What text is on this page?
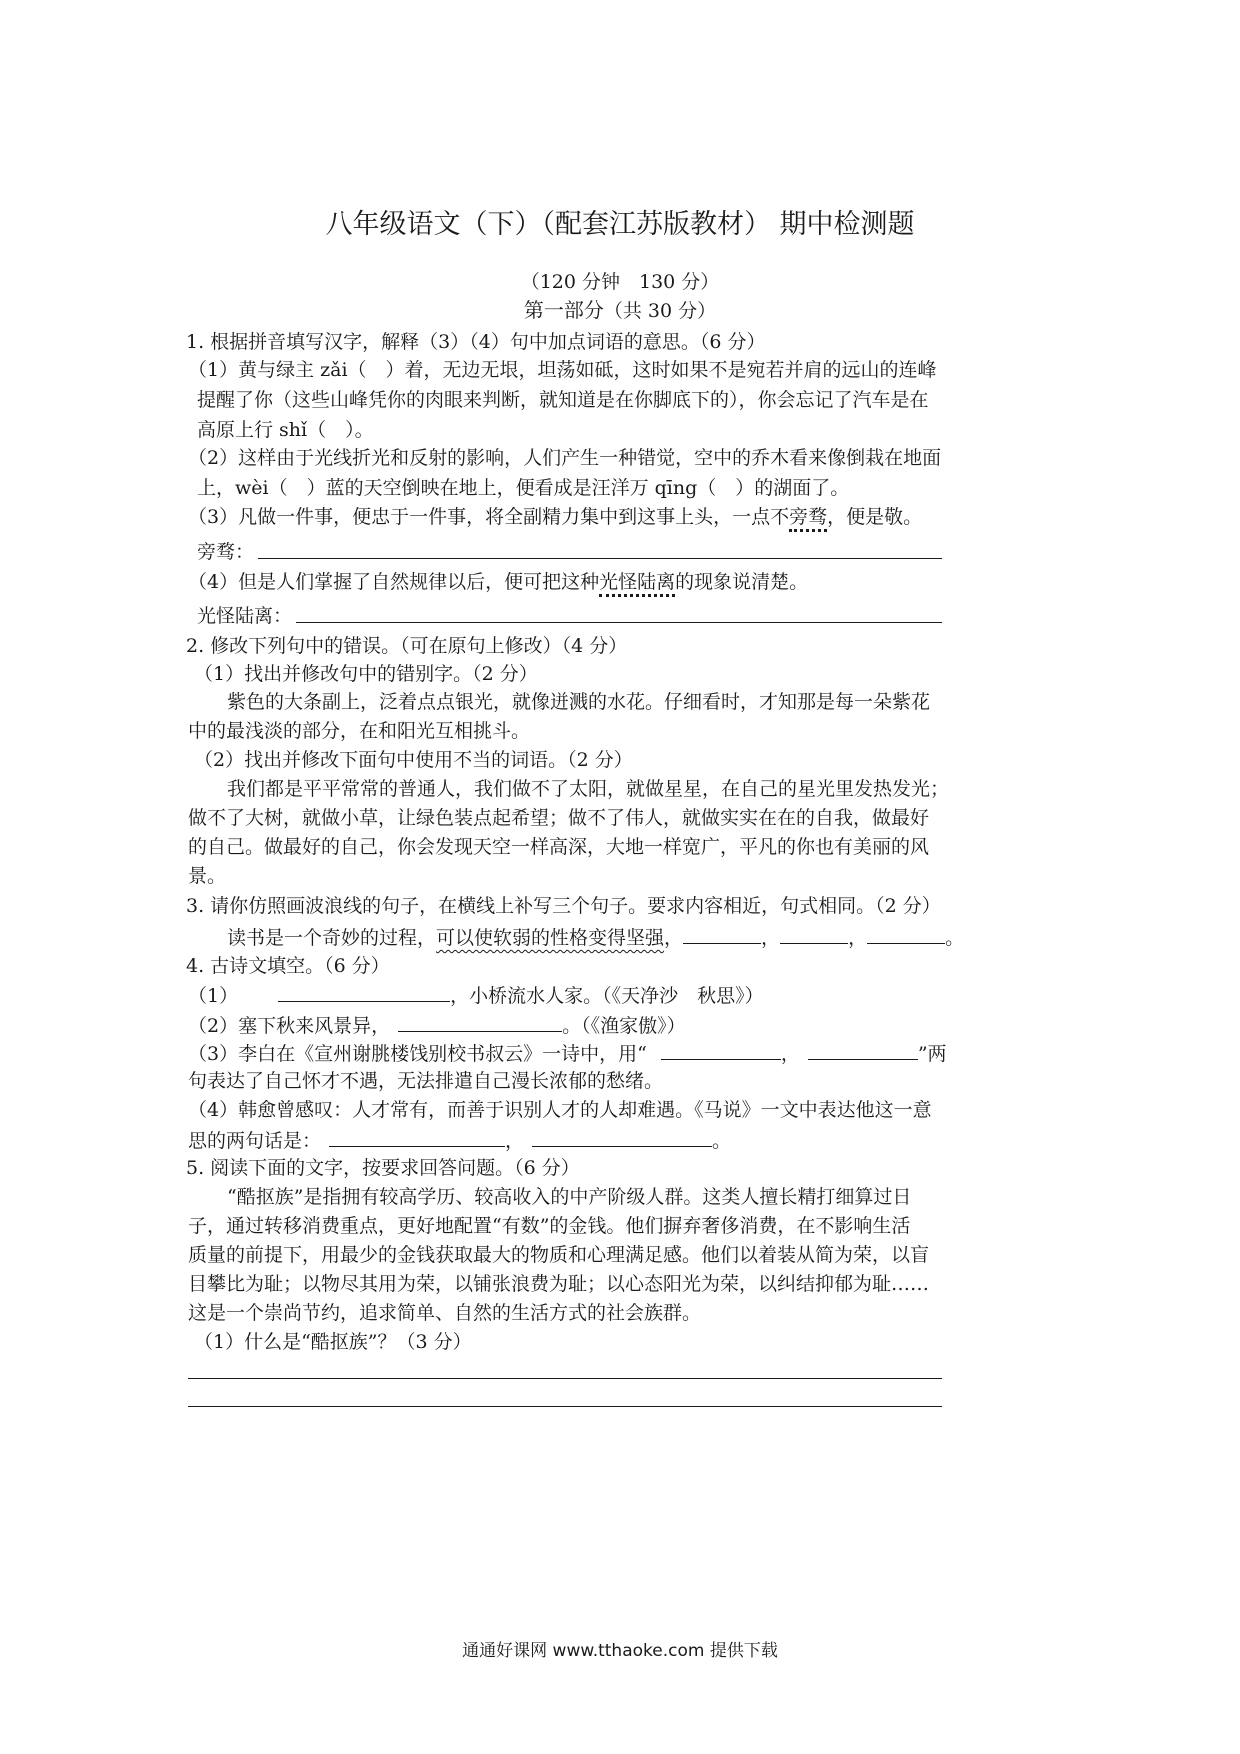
八年级语文（下）（配套江苏版教材） 期中检测题
（120 分钟　130 分）
第一部分（共 30 分）
1. 根据拼音填写汉字，解释（3）（4）句中加点词语的意思。（6 分）
（1）黄与绿主 zǎi（　）着，无边无垠，坦荡如砥，这时如果不是宛若并肩的远山的连峰
提醒了你（这些山峰凭你的肉眼来判断，就知道是在你脚底下的），你会忘记了汽车是在
高原上行 shǐ（　）。
（2）这样由于光线折光和反射的影响，人们产生一种错觉，空中的乔木看来像倒栽在地面
上，wèi（　）蓝的天空倒映在地上，便看成是汪洋万 qīng（　）的湖面了。
（3）凡做一件事，便忠于一件事，将全副精力集中到这事上头，一点不旁骛，便是敬。
旁骛：
（4）但是人们掌握了自然规律以后，便可把这种光怪陆离的现象说清楚。
光怪陆离：
2. 修改下列句中的错误。（可在原句上修改）（4 分）
（1）找出并修改句中的错别字。（2 分）
紫色的大条副上，泛着点点银光，就像迸溅的水花。仔细看时，才知那是每一朵紫花
中的最浅淡的部分，在和阳光互相挑斗。
（2）找出并修改下面句中使用不当的词语。（2 分）
我们都是平平常常的普通人，我们做不了太阳，就做星星，在自己的星光里发热发光；
做不了大树，就做小草，让绿色装点起希望；做不了伟人，就做实实在在的自我，做最好
的自己。做最好的自己，你会发现天空一样高深，大地一样宽广，平凡的你也有美丽的风
景。
3. 请你仿照画波浪线的句子，在横线上补写三个句子。要求内容相近，句式相同。（2 分）
读书是一个奇妙的过程，可以使软弱的性格变得坚强，	，	，	。
4. 古诗文填空。（6 分）
（1）	，小桥流水人家。（《天净沙　秋思》）
（2）塞下秋来风景异，	。（《渔家傲》）
（3）李白在《宣州谢朓楼饯别校书叔云》一诗中，用“	，	”两
句表达了自己怀才不遇，无法排遣自己漫长浓郁的愁绪。
（4）韩愈曾感叹：人才常有，而善于识别人才的人却难遇。《马说》一文中表达他这一意
思的两句话是：	，	。
5. 阅读下面的文字，按要求回答问题。（6 分）
“酷抠族”是指拥有较高学历、较高收入的中产阶级人群。这类人擅长精打细算过日
子，通过转移消费重点，更好地配置“有数”的金钱。他们摒弃奢侈消费，在不影响生活
质量的前提下，用最少的金钱获取最大的物质和心理满足感。他们以着装从简为荣，以盲
目攀比为耻；以物尽其用为荣，以铺张浪费为耻；以心态阳光为荣，以纠结抑郁为耻……
这是一个崇尚节约，追求简单、自然的生活方式的社会族群。
（1）什么是“酷抠族”？（3 分）
通通好课网 www.tthaoke.com 提供下载
